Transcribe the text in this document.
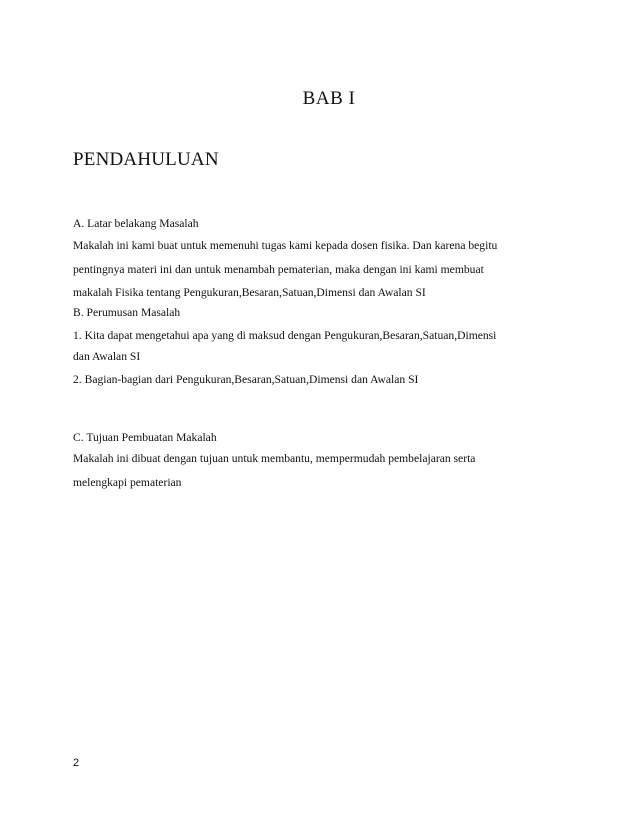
BAB I
PENDAHULUAN
A. Latar belakang Masalah
Makalah ini kami buat untuk memenuhi tugas kami kepada dosen fisika. Dan karena begitu
pentingnya materi ini dan untuk menambah pematerian, maka dengan ini kami membuat
makalah Fisika tentang Pengukuran,Besaran,Satuan,Dimensi dan Awalan SI
B. Perumusan Masalah
1. Kita dapat mengetahui apa yang di maksud dengan Pengukuran,Besaran,Satuan,Dimensi
dan Awalan SI
2. Bagian-bagian dari Pengukuran,Besaran,Satuan,Dimensi dan Awalan SI
C. Tujuan Pembuatan Makalah
Makalah ini dibuat dengan tujuan untuk membantu, mempermudah pembelajaran serta
melengkapi pematerian
2
